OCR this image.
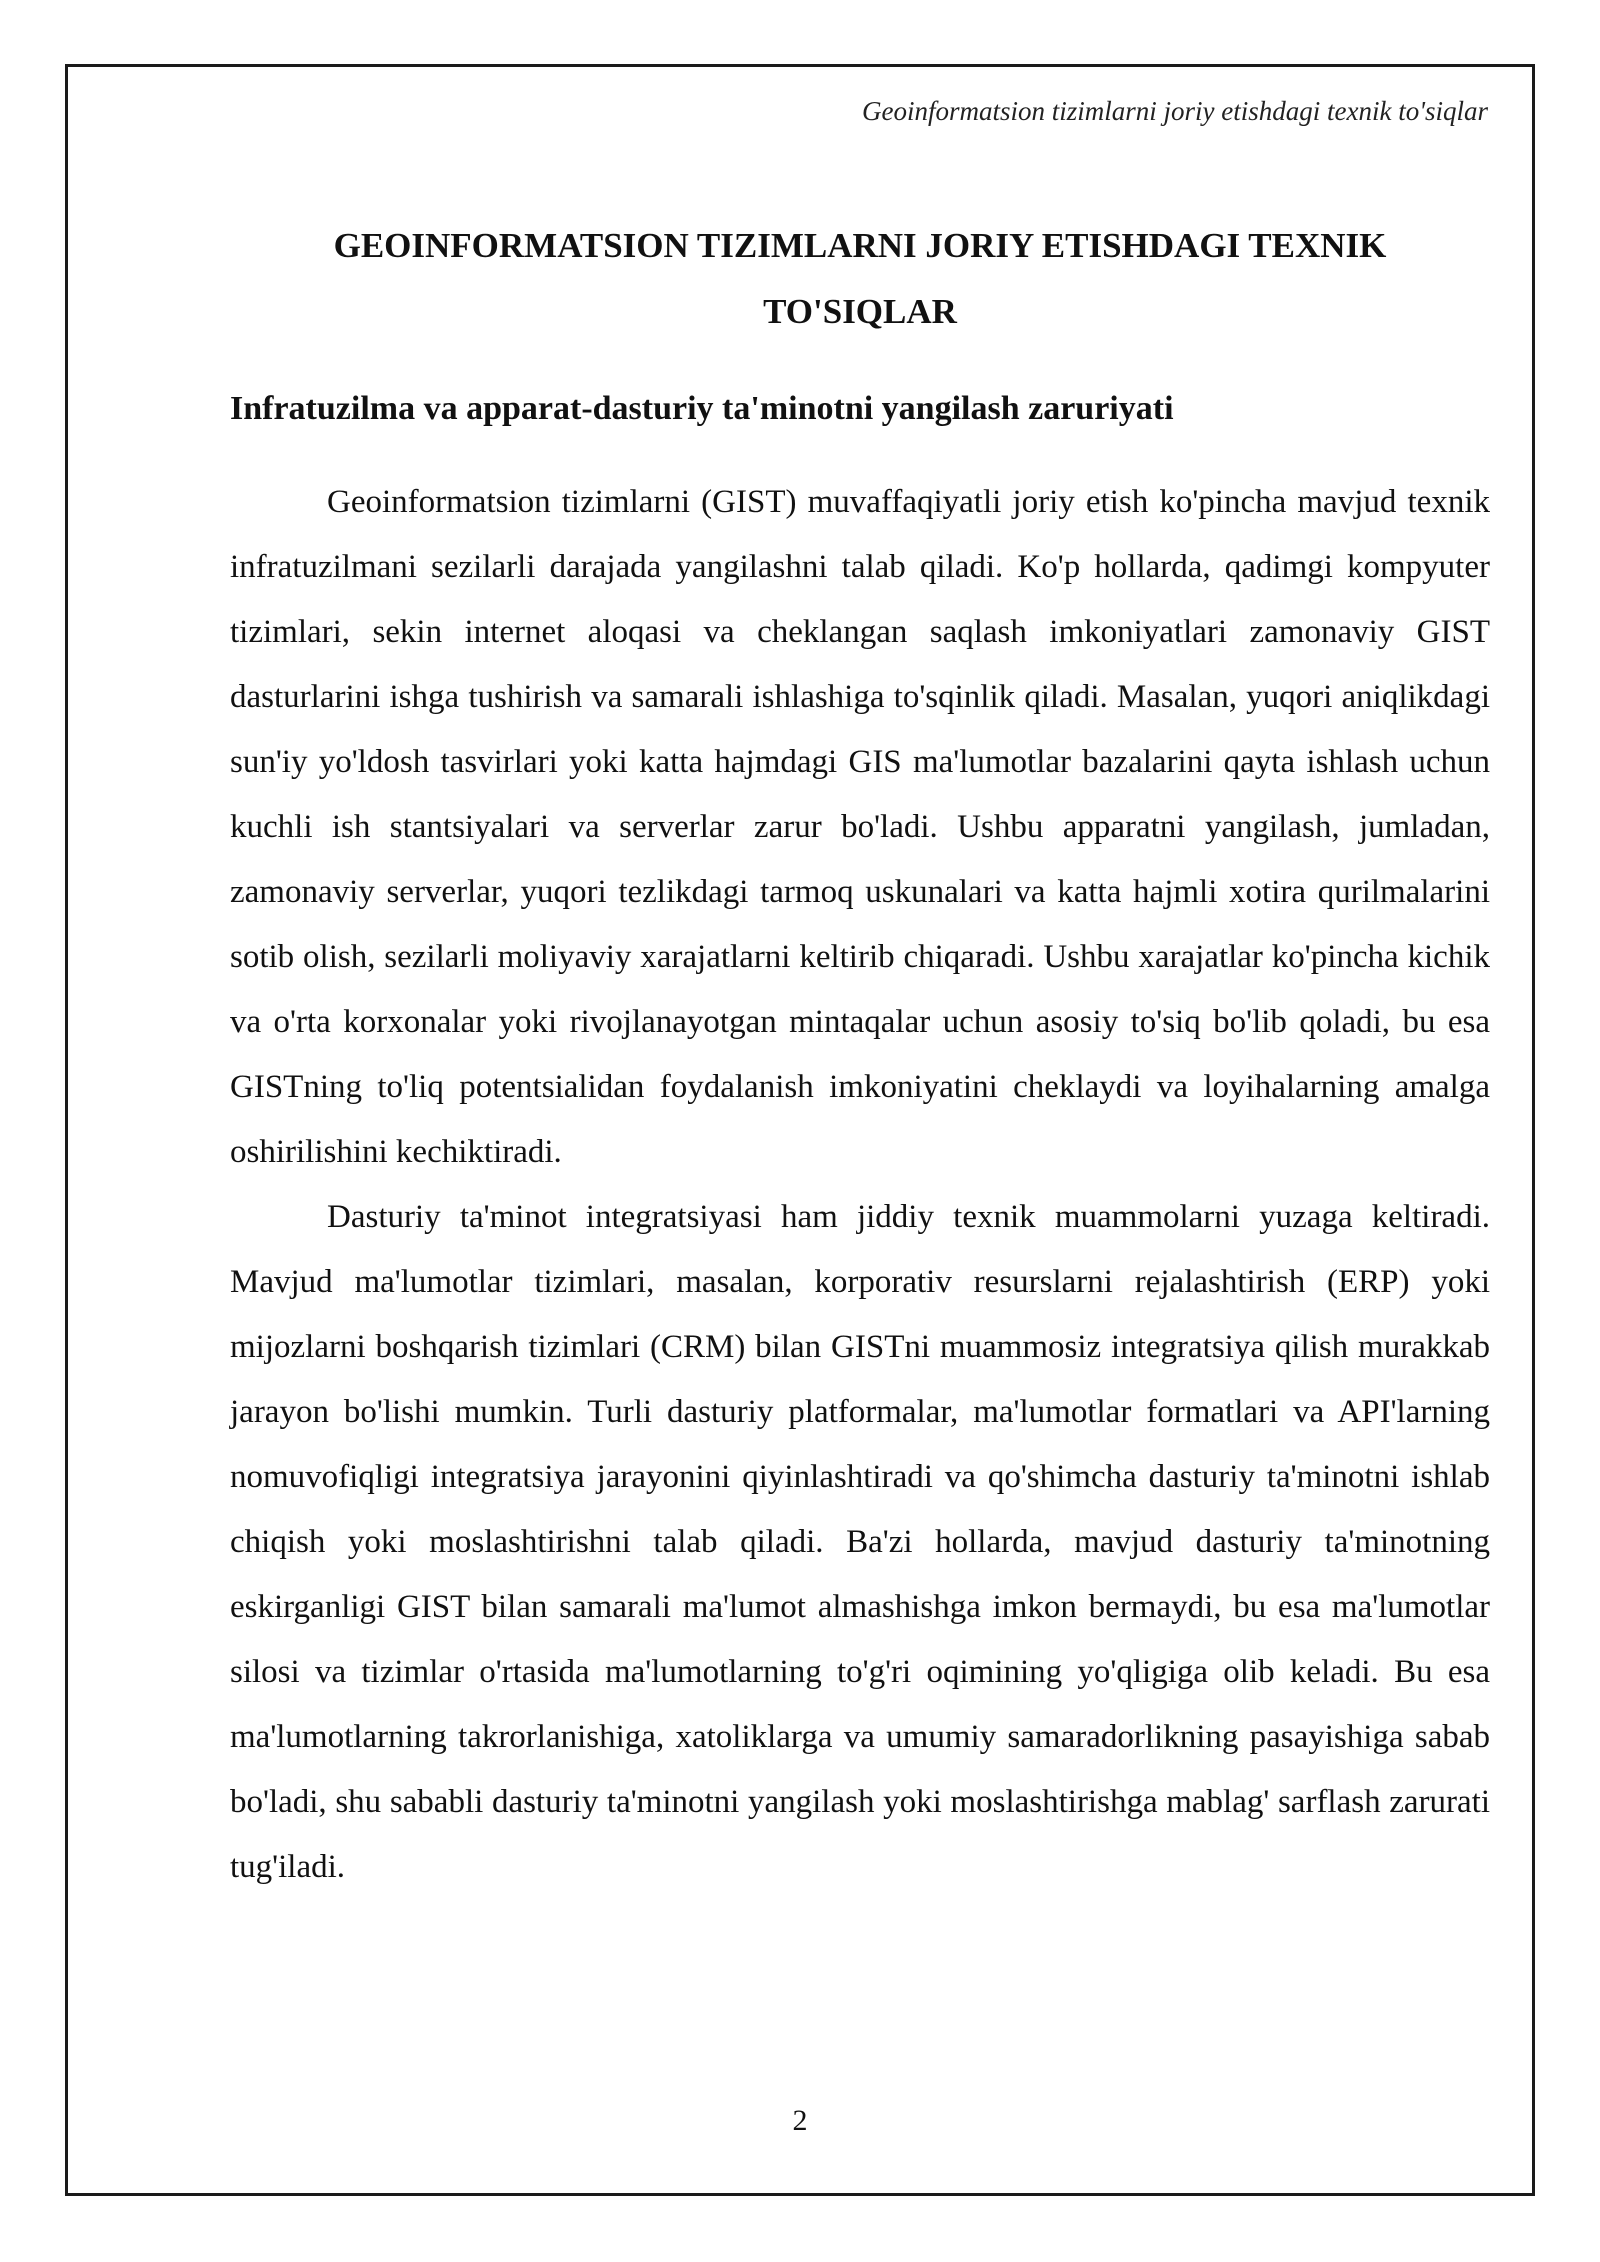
Geoinformatsion tizimlarni joriy etishdagi texnik to'siqlar
GEOINFORMATSION TIZIMLARNI JORIY ETISHDAGI TEXNIK
TO'SIQLAR
Infratuzilma va apparat-dasturiy ta'minotni yangilash zaruriyati

Geoinformatsion tizimlarni (GIST) muvaffaqiyatli joriy etish ko'pincha mavjud texnik infratuzilmani sezilarli darajada yangilashni talab qiladi. Ko'p hollarda, qadimgi kompyuter tizimlari, sekin internet aloqasi va cheklangan saqlash imkoniyatlari zamonaviy GIST dasturlarini ishga tushirish va samarali ishlashiga to'sqinlik qiladi. Masalan, yuqori aniqlikdagi sun'iy yo'ldosh tasvirlari yoki katta hajmdagi GIS ma'lumotlar bazalarini qayta ishlash uchun kuchli ish stantsiyalari va serverlar zarur bo'ladi. Ushbu apparatni yangilash, jumladan, zamonaviy serverlar, yuqori tezlikdagi tarmoq uskunalari va katta hajmli xotira qurilmalarini sotib olish, sezilarli moliyaviy xarajatlarni keltirib chiqaradi. Ushbu xarajatlar ko'pincha kichik va o'rta korxonalar yoki rivojlanayotgan mintaqalar uchun asosiy to'siq bo'lib qoladi, bu esa GISTning to'liq potentsialidan foydalanish imkoniyatini cheklaydi va loyihalarning amalga oshirilishini kechiktiradi.

Dasturiy ta'minot integratsiyasi ham jiddiy texnik muammolarni yuzaga keltiradi. Mavjud ma'lumotlar tizimlari, masalan, korporativ resurslarni rejalashtirish (ERP) yoki mijozlarni boshqarish tizimlari (CRM) bilan GISTni muammosiz integratsiya qilish murakkab jarayon bo'lishi mumkin. Turli dasturiy platformalar, ma'lumotlar formatlari va API'larning nomuvofiqligi integratsiya jarayonini qiyinlashtiradi va qo'shimcha dasturiy ta'minotni ishlab chiqish yoki moslashtirishni talab qiladi. Ba'zi hollarda, mavjud dasturiy ta'minotning eskirganligi GIST bilan samarali ma'lumot almashishga imkon bermaydi, bu esa ma'lumotlar silosi va tizimlar o'rtasida ma'lumotlarning to'g'ri oqimining yo'qligiga olib keladi. Bu esa ma'lumotlarning takrorlanishiga, xatoliklarga va umumiy samaradorlikning pasayishiga sabab bo'ladi, shu sababli dasturiy ta'minotni yangilash yoki moslashtirishga mablag' sarflash zarurati tug'iladi.

2
